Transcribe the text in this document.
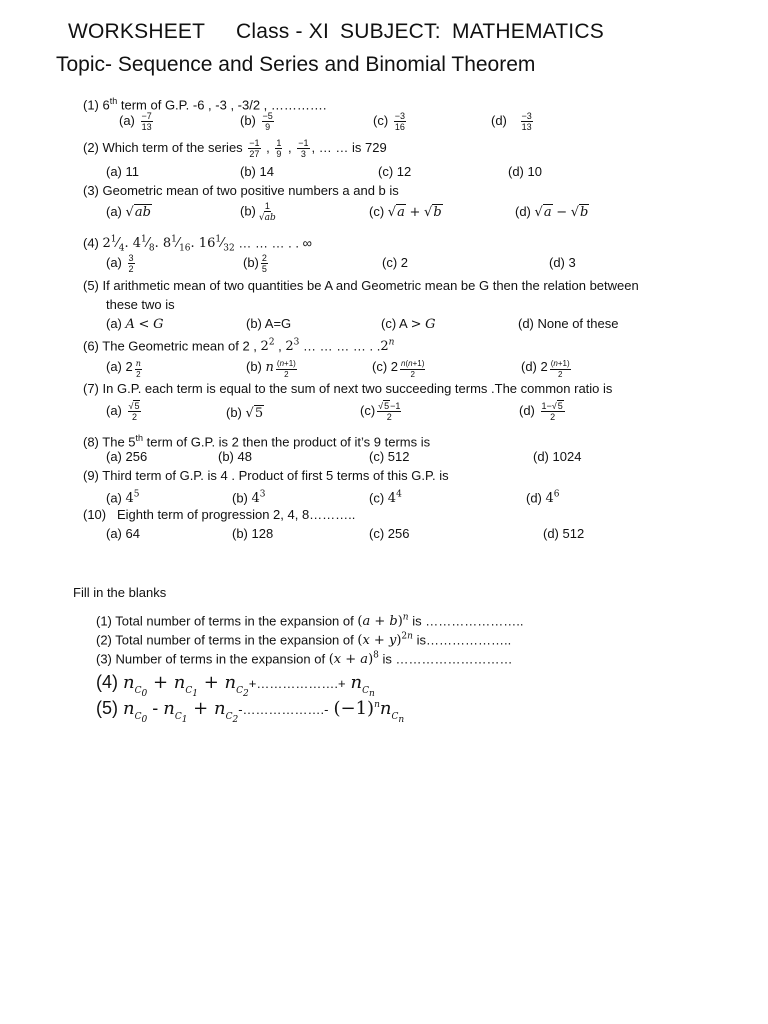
WORKSHEET Class - XI SUBJECT: MATHEMATICS
Topic- Sequence and Series and Binomial Theorem
(1) 6th term of G.P. -6 , -3 , -3/2 , ………….
$(a) \frac{-7}{13}$	$(b) \frac{-5}{9}$	$(c) \frac{-3}{16}$	$(d) \frac{-3}{13}$
(2) Which term of the series $\frac{-1}{27}$ , $\frac{1}{9}$ , $\frac{-1}{3}$ , … … is 729
(a) 11	(b) 14	(c) 12	(d) 10
(3) Geometric mean of two positive numbers a and b is
(a) √ab	$(b) \frac{1}{√ab}$	(c) √a + √b	(d) √a − √b
(4) $2^1⁄_4$. $4^1⁄_8$. $8^1⁄_{16}$. $16^1⁄_{32}$ … … … . . ∞
$(a) \frac{3}{2}$	$(b) \frac{2}{5}$	(c) 2	(d) 3
(5) If arithmetic mean of two quantities be A and Geometric mean be G then the relation between
these two is
(a) A < G	(b) A=G	(c) A > G	(d) None of these
(6) The Geometric mean of 2 , $2^2$ , $2^3$ … … … … . .2$^n$
(a) $2 \frac{n}{2}$	(b) n $\frac{(n+1)}{2}$	(c) $2 \frac{n(n+1)}{2}$	(d) $2 \frac{(n+1)}{2}$
(7) In G.P. each term is equal to the sum of next two succeeding terms .The common ratio is
$(a) \frac{√5}{2}$	(b) √5	$(c) \frac{√5-1}{2}$	$(d) \frac{1-√5}{2}$
(8) The 5th term of G.P. is 2 then the product of it’s 9 terms is
(a) 256	(b) 48	(c) 512	(d) 1024
(9) Third term of G.P. is 4 . Product of first 5 terms of this G.P. is
(a) $4^5$	(b) $4^3$	(c) $4^4$	(d) $4^6$
(10) Eighth term of progression 2, 4, 8………..
(a) 64	(b) 128	(c) 256	(d) 512
Fill in the blanks
(1) Total number of terms in the expansion of $(a + b)^n$ is …………………..
(2) Total number of terms in the expansion of $(x + y)^{2n}$ is………………..
(3) Number of terms in the expansion of $(x + a)^8$ is ………………………
(4) $n_{C_0} + n_{C_1}$ + $n_{C_2}+\dots\dots\dots\dots\dots\dots.+ n_{C_n}$
(5) $n_{C_0} - n_{C_1}$ + $n_{C_2}-\dots\dots\dots\dots\dots\dots.-$ $(-1)^nn_{C_n}$
